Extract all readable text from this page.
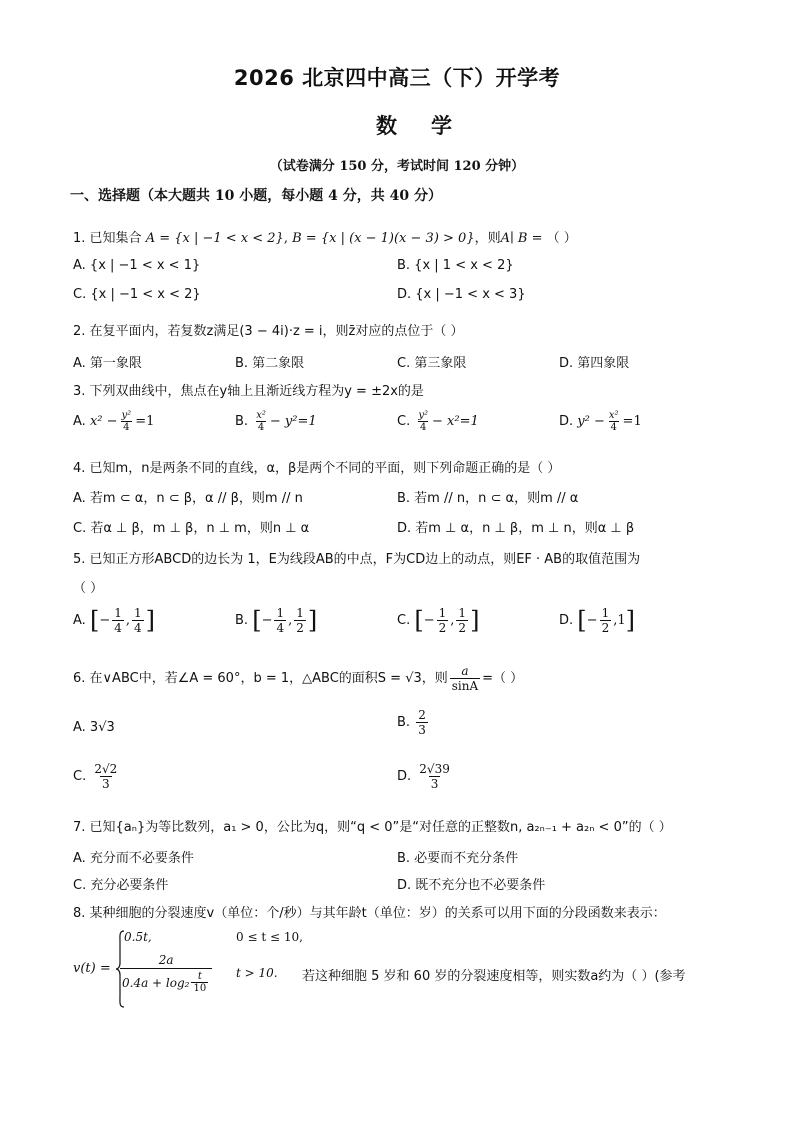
2026 北京四中高三（下）开学考
数学
（试卷满分 150 分，考试时间 120 分钟）
一、选择题（本大题共 10 小题，每小题 4 分，共 40 分）
1. 已知集合 A = {x | −1 < x < 2}, B = {x | (x − 1)(x − 3) > 0}，则A∣ B = （ ）
A. {x | −1 < x < 1}	B. {x | 1 < x < 2}
C. {x | −1 < x < 2}	D. {x | −1 < x < 3}
2. 在复平面内，若复数z满足(3 − 4i)·z = i，则z̄对应的点位于（ ）
A. 第一象限	B. 第二象限	C. 第三象限	D. 第四象限
3. 下列双曲线中，焦点在y轴上且渐近线方程为y = ±2x的是
A. $x^2 - \frac{\text{y²}}{4} =1$	B. $\frac{\text{x²}}{4} - y^2=1$	C. $\frac{\text{y²}}{4} - x^2=1$	D. $y^2 - \frac{\text{x²}}{4} =1$
4. 已知m，n是两条不同的直线，α，β是两个不同的平面，则下列命题正确的是（ ）
A. 若m ⊂ α，n ⊂ β，α // β，则m // n	B. 若m // n，n ⊂ α，则m // α
C. 若α ⊥ β，m ⊥ β，n ⊥ m，则n ⊥ α	D. 若m ⊥ α，n ⊥ β，m ⊥ n，则α ⊥ β
5. 已知正方形ABCD的边长为 1，E为线段AB的中点，F为CD边上的动点，则EF · AB的取值范围为
（ ）
A. [− $\frac{1}{4}$ , $\frac{1}{4}$ ]	B. [− $\frac{1}{4}$ , $\frac{1}{2}$ ]	C. [− $\frac{1}{2}$ , $\frac{1}{2}$ ]	D. [− $\frac{1}{2} ,1$]
6. 在∨ABC中，若∠A = 60°，b = 1，△ABC的面积S = √3，则 $\frac{a}{\sin A}$ =（ ）
A. 3√3	B. $\frac{2}{3}$
C. $\frac{2√2}{3}$	D. $\frac{2√39}{3}$
7. 已知{aₙ}为等比数列，a₁ > 0，公比为q，则“q < 0”是“对任意的正整数n, a₂ₙ₋₁ + a₂ₙ < 0”的（ ）
A. 充分而不必要条件	B. 必要而不充分条件
C. 充分必要条件	D. 既不充分也不必要条件
8. 某种细胞的分裂速度v（单位：个/秒）与其年龄t（单位：岁）的关系可以用下面的分段函数来表示：
v(t) =
0.5t,	0 ≤ t ≤ 10,
$\frac{2a}{0.4a + \log_2 \frac{t}{10}}$ t > 10. 若这种细胞 5 岁和 60 岁的分裂速度相等，则实数a约为（ ）(参考
